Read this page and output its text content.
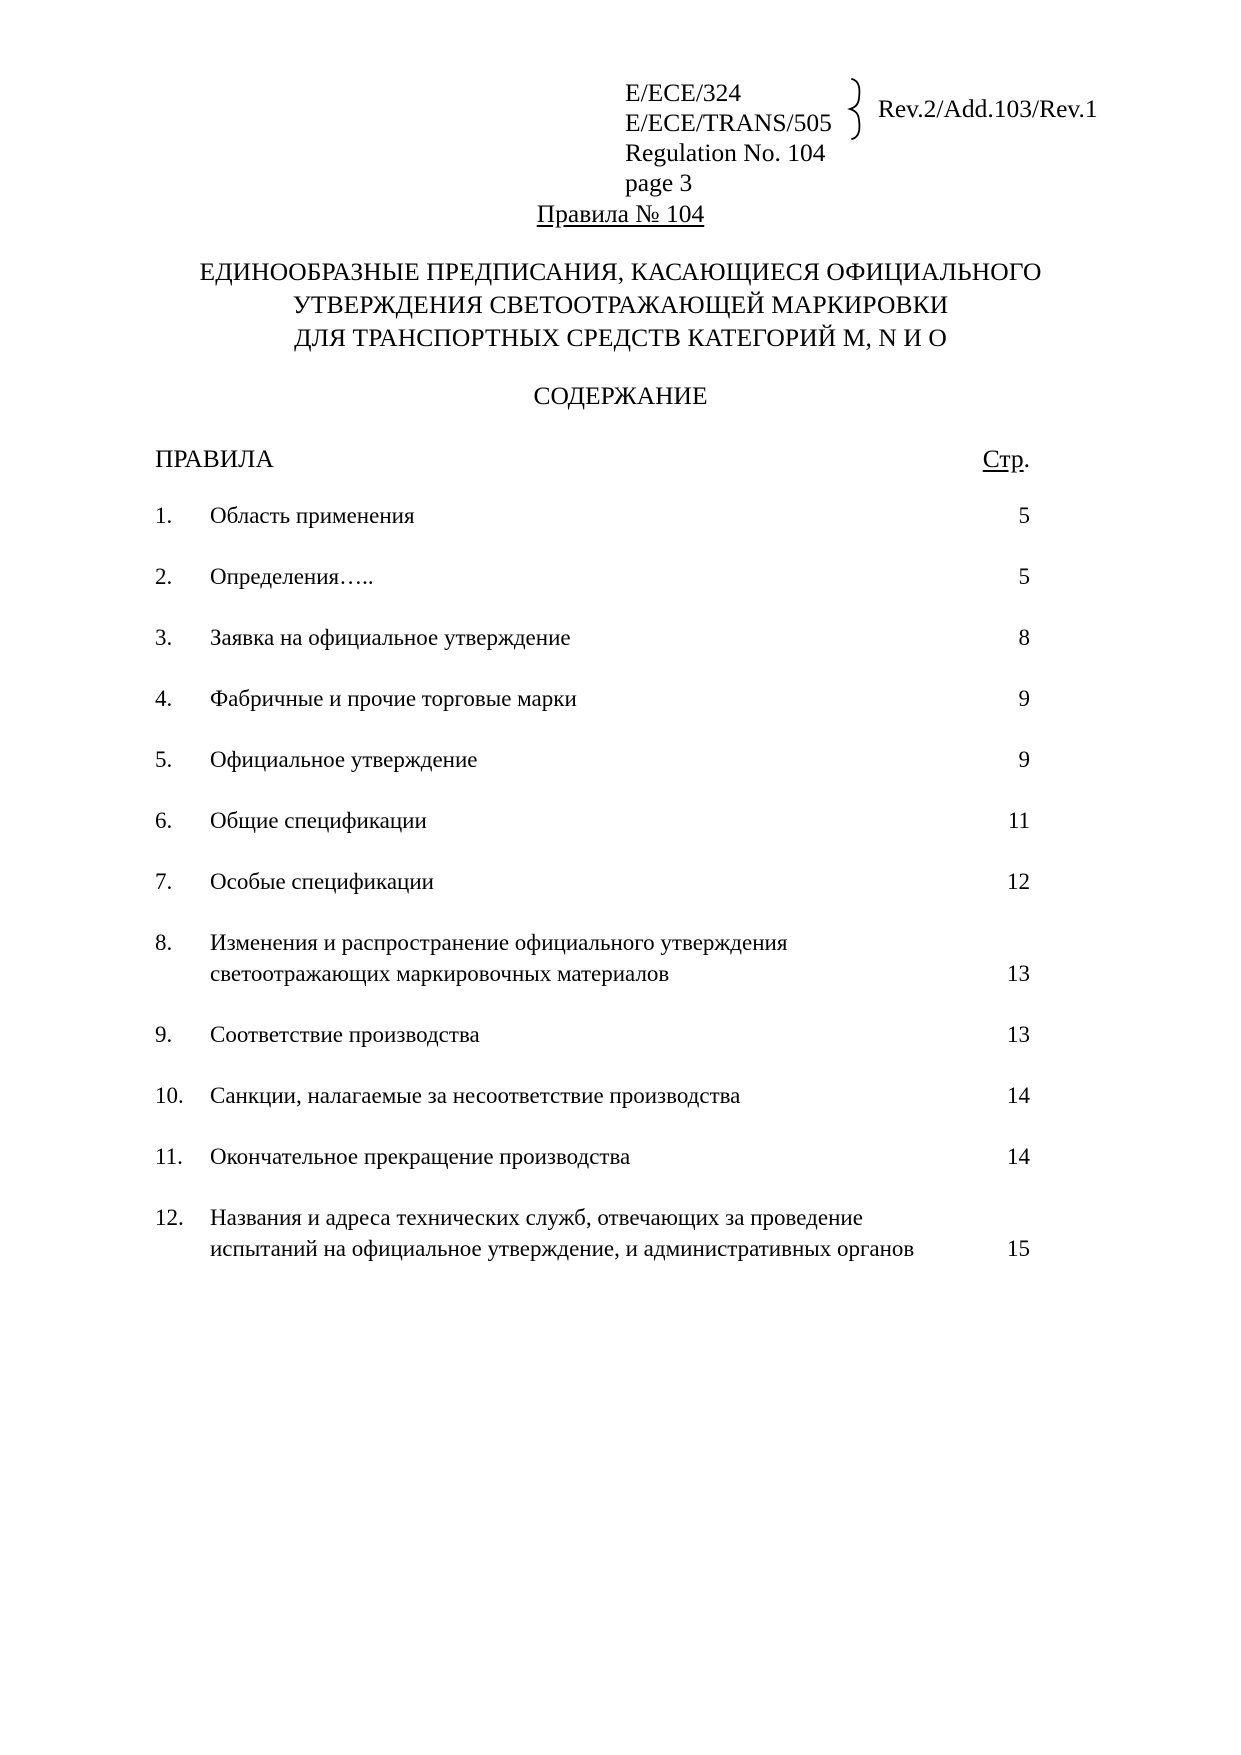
E/ECE/324
E/ECE/TRANS/505
Regulation No. 104
page 3
Rev.2/Add.103/Rev.1
Правила № 104
ЕДИНООБРАЗНЫЕ ПРЕДПИСАНИЯ, КАСАЮЩИЕСЯ ОФИЦИАЛЬНОГО
УТВЕРЖДЕНИЯ СВЕТООТРАЖАЮЩЕЙ МАРКИРОВКИ
ДЛЯ ТРАНСПОРТНЫХ СРЕДСТВ КАТЕГОРИЙ M, N И O
СОДЕРЖАНИЕ
ПРАВИЛА	Стр.
1.	Область применения	5
2.	Определения…..	5
3.	Заявка на официальное утверждение	8
4.	Фабричные и прочие торговые марки	9
5.	Официальное утверждение	9
6.	Общие спецификации	11
7.	Особые спецификации	12
8.	Изменения и распространение официального утверждения
светоотражающих маркировочных материалов	13
9.	Соответствие производства	13
10.	Санкции, налагаемые за несоответствие производства	14
11.	Окончательное прекращение производства	14
12.	Названия и адреса технических служб, отвечающих за проведение
испытаний на официальное утверждение, и административных органов	15
